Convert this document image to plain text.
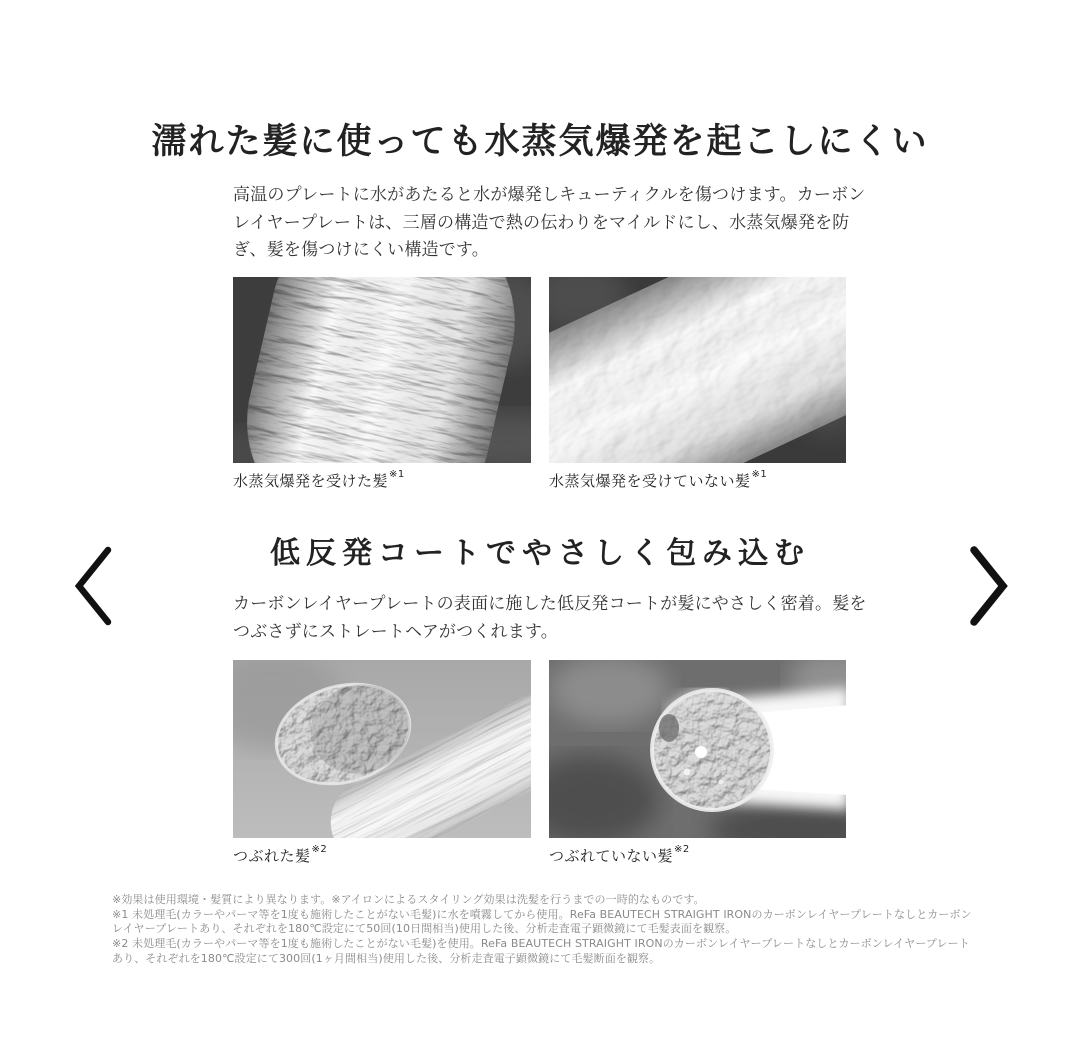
濡れた髪に使っても水蒸気爆発を起こしにくい

高温のプレートに水があたると水が爆発しキューティクルを傷つけます。カーボンレイヤープレートは、三層の構造で熱の伝わりをマイルドにし、水蒸気爆発を防ぎ、髪を傷つけにくい構造です。

水蒸気爆発を受けた髪$^{※1}$	水蒸気爆発を受けていない髪$^{※1}$
低反発コートでやさしく包み込む

カーボンレイヤープレートの表面に施した低反発コートが髪にやさしく密着。髪をつぶさずにストレートヘアがつくれます。

つぶれた髪$^{※2}$	つぶれていない髪$^{※2}$

※効果は使用環境・髪質により異なります。※アイロンによるスタイリング効果は洗髪を行うまでの一時的なものです。

※1 未処理毛(カラーやパーマ等を1度も施術したことがない毛髪)に水を噴霧してから使用。ReFa BEAUTECH STRAIGHT IRONのカーボンレイヤープレートなしとカーボンレイヤープレートあり、それぞれを180℃設定にて50回(10日間相当)使用した後、分析走査電子顕微鏡にて毛髪表面を観察。

※2 未処理毛(カラーやパーマ等を1度も施術したことがない毛髪)を使用。ReFa BEAUTECH STRAIGHT IRONのカーボンレイヤープレートなしとカーボンレイヤープレートあり、それぞれを180℃設定にて300回(1ヶ月間相当)使用した後、分析走査電子顕微鏡にて毛髪断面を観察。
